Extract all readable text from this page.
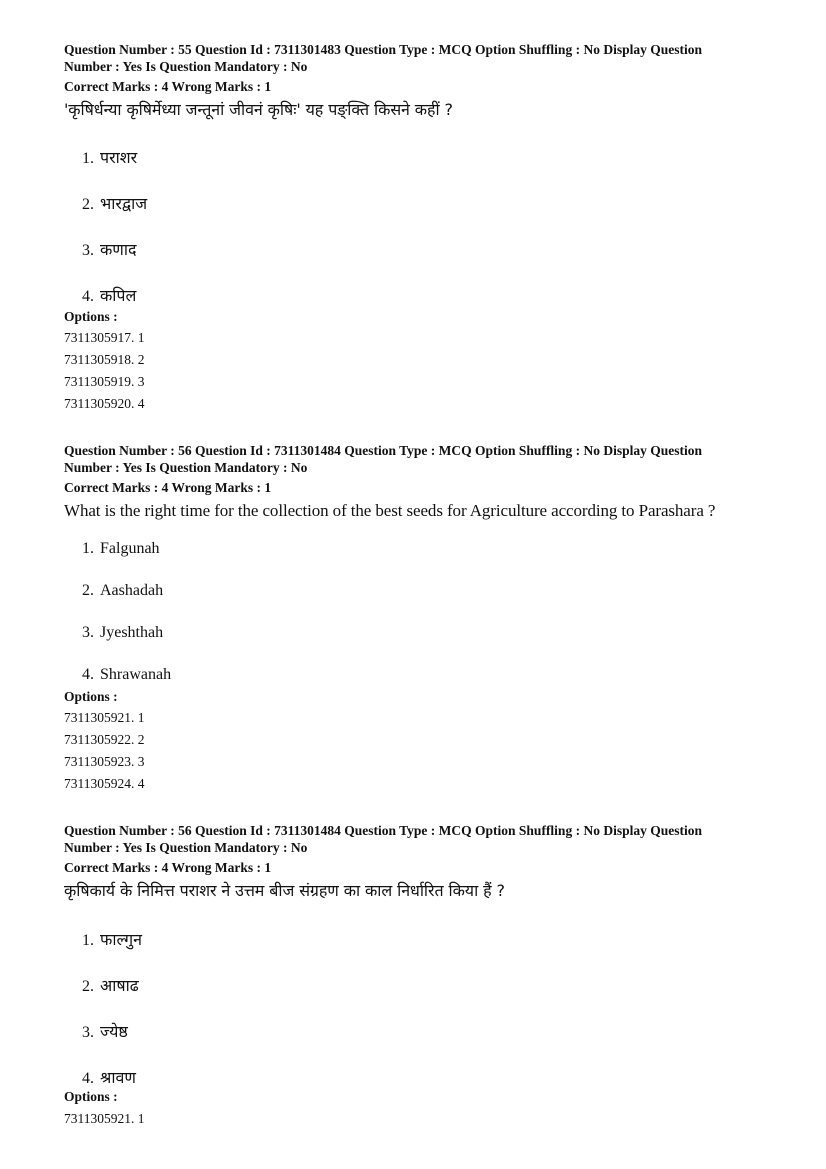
Question Number : 55 Question Id : 7311301483 Question Type : MCQ Option Shuffling : No Display Question
Number : Yes Is Question Mandatory : No
Correct Marks : 4 Wrong Marks : 1
'कृषिर्धन्या कृषिर्मेध्या जन्तूनां जीवनं कृषिः' यह पङ्क्ति किसने कहीं ?
1. पराशर
2. भारद्वाज
3. कणाद
4. कपिल
Options :
7311305917. 1
7311305918. 2
7311305919. 3
7311305920. 4
Question Number : 56 Question Id : 7311301484 Question Type : MCQ Option Shuffling : No Display Question
Number : Yes Is Question Mandatory : No
Correct Marks : 4 Wrong Marks : 1
What is the right time for the collection of the best seeds for Agriculture according to Parashara ?
1. Falgunah
2. Aashadah
3. Jyeshthah
4. Shrawanah
Options :
7311305921. 1
7311305922. 2
7311305923. 3
7311305924. 4
Question Number : 56 Question Id : 7311301484 Question Type : MCQ Option Shuffling : No Display Question
Number : Yes Is Question Mandatory : No
Correct Marks : 4 Wrong Marks : 1
कृषिकार्य के निमित्त पराशर ने उत्तम बीज संग्रहण का काल निर्धारित किया हैं ?
1. फाल्गुन
2. आषाढ
3. ज्येष्ठ
4. श्रावण
Options :
7311305921. 1
